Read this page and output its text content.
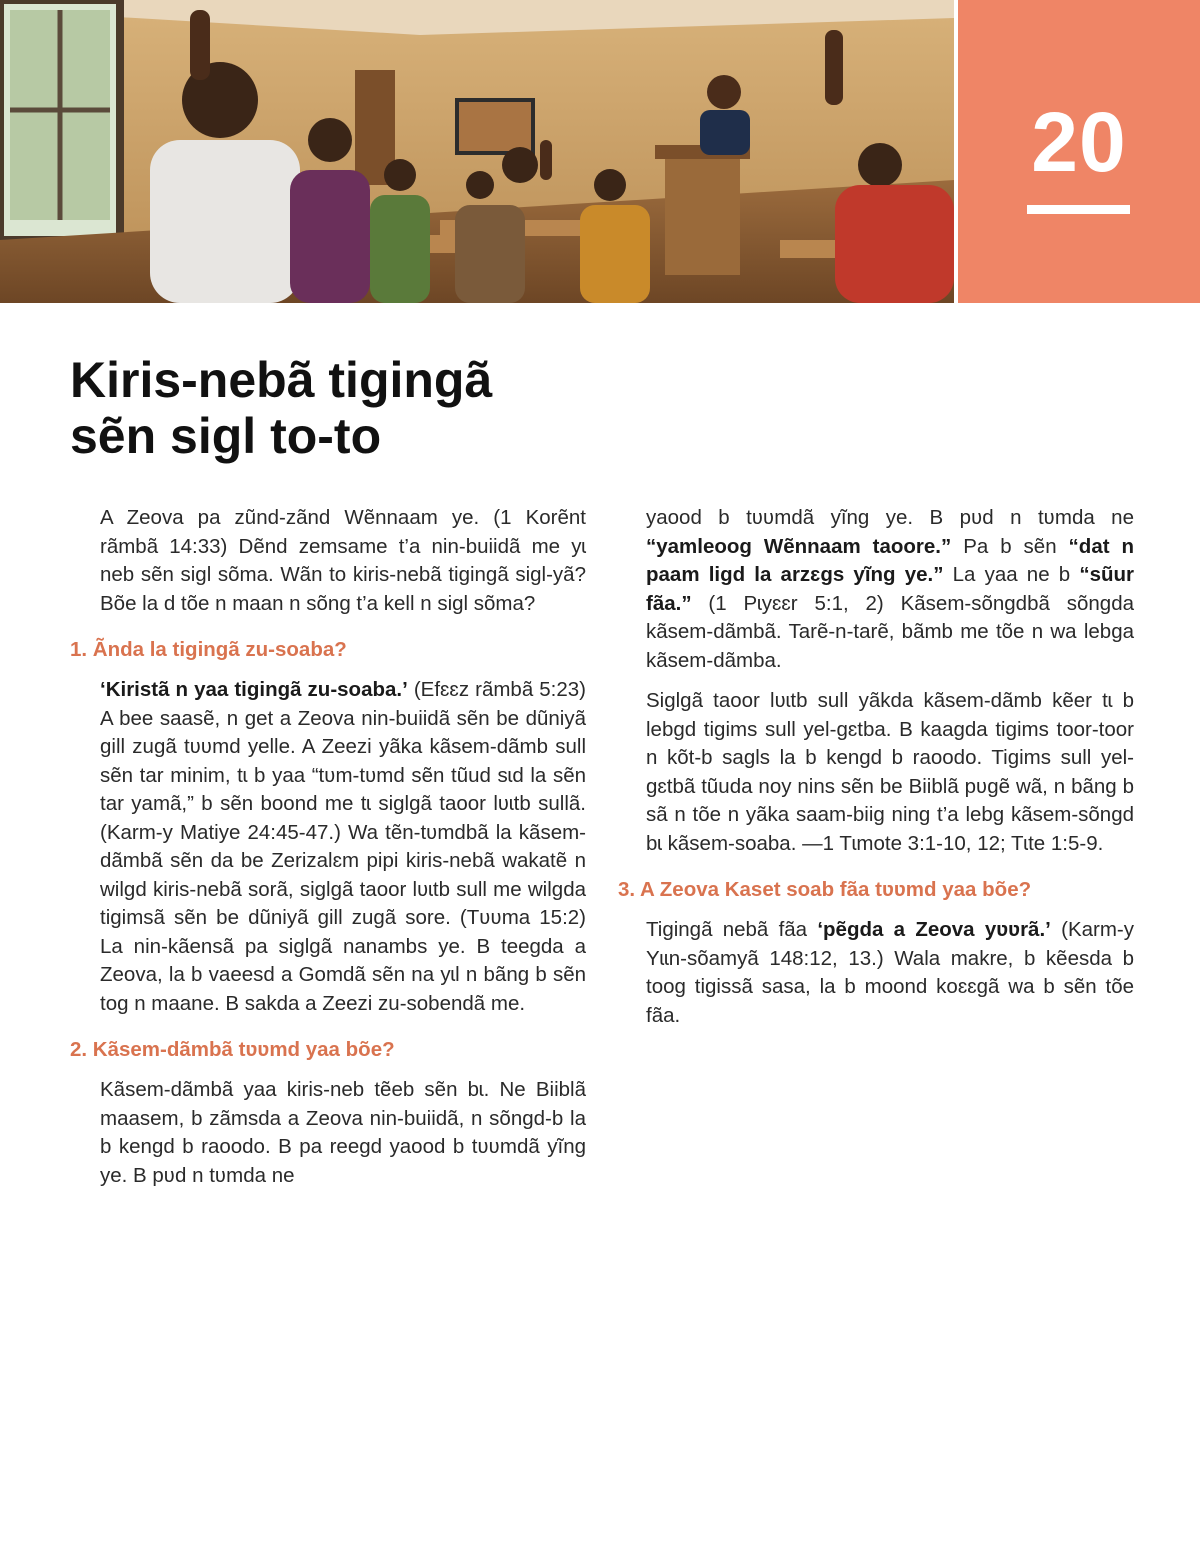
20
Kiris-nebã tigingã
sẽn sigl to-to

A Zeova pa zũnd-zãnd Wẽnnaam ye. (1 Korẽnt rãmbã 14:33) Dẽnd zemsame t’a nin-buiidã me yɩ neb sẽn sigl sõma. Wãn to kiris-nebã tigingã sigl-yã? Bõe la d tõe n maan n sõng t’a kell n sigl sõma?

1. Ãnda la tigingã zu-soaba?

‘Kiristã n yaa tigingã zu-soaba.’ (Efɛɛz rãmbã 5:23) A bee saasẽ, n get a Zeova nin-buiidã sẽn be dũniyã gill zugã tʋʋmd yelle. A Zeezi yãka kãsem-dãmb sull sẽn tar minim, tɩ b yaa “tʋm-tʋmd sẽn tũud sɩd la sẽn tar yamã,” b sẽn boond me tɩ siglgã taoor lʋɩtb sullã. (Karm-y Matiye 24:45-47.) Wa tẽn-tʋmdbã la kãsem-dãmbã sẽn da be Zerizalɛm pipi kiris-nebã wakatẽ n wilgd kiris-nebã sorã, siglgã taoor lʋɩtb sull me wilgda tigimsã sẽn be dũniyã gill zugã sore. (Tʋʋma 15:2) La nin-kãensã pa siglgã nanambs ye. B teegda a Zeova, la b vaeesd a Gomdã sẽn na yɩl n bãng b sẽn tog n maane. B sakda a Zeezi zu-sobendã me.

2. Kãsem-dãmbã tʋʋmd yaa bõe?

Kãsem-dãmbã yaa kiris-neb tẽeb sẽn bɩ. Ne Biiblã maasem, b zãmsda a Zeova nin-buiidã, n sõngd-b la b kengd b raoodo. B pa reegd yaood b tʋʋmdã yĩng ye. B pʋd n tʋmda ne

yaood b tʋʋmdã yĩng ye. B pʋd n tʋmda ne “yamleoog Wẽnnaam taoore.” Pa b sẽn “dat n paam ligd la arzɛgs yĩng ye.” La yaa ne b “sũur fãa.” (1 Pɩyɛɛr 5:1, 2) Kãsem-sõngdbã sõngda kãsem-dãmbã. Tarẽ-n-tarẽ, bãmb me tõe n wa lebga kãsem-dãmba.

Siglgã taoor lʋɩtb sull yãkda kãsem-dãmb kẽer tɩ b lebgd tigims sull yel-gɛtba. B kaagda tigims toor-toor n kõt-b sagls la b kengd b raoodo. Tigims sull yel-gɛtbã tũuda noy nins sẽn be Biiblã pʋgẽ wã, n bãng b sã n tõe n yãka saam-biig ning t’a lebg kãsem-sõngd bɩ kãsem-soaba. —1 Tɩmote 3:1-10, 12; Tɩte 1:5-9.

3. A Zeova Kaset soab fãa tʋʋmd yaa bõe?

Tigingã nebã fãa ‘pẽgda a Zeova yʋʋrã.’ (Karm-y Yɩɩn-sõamyã 148:12, 13.) Wala makre, b kẽesda b toog tigissã sasa, la b moond koɛɛgã wa b sẽn tõe fãa.
